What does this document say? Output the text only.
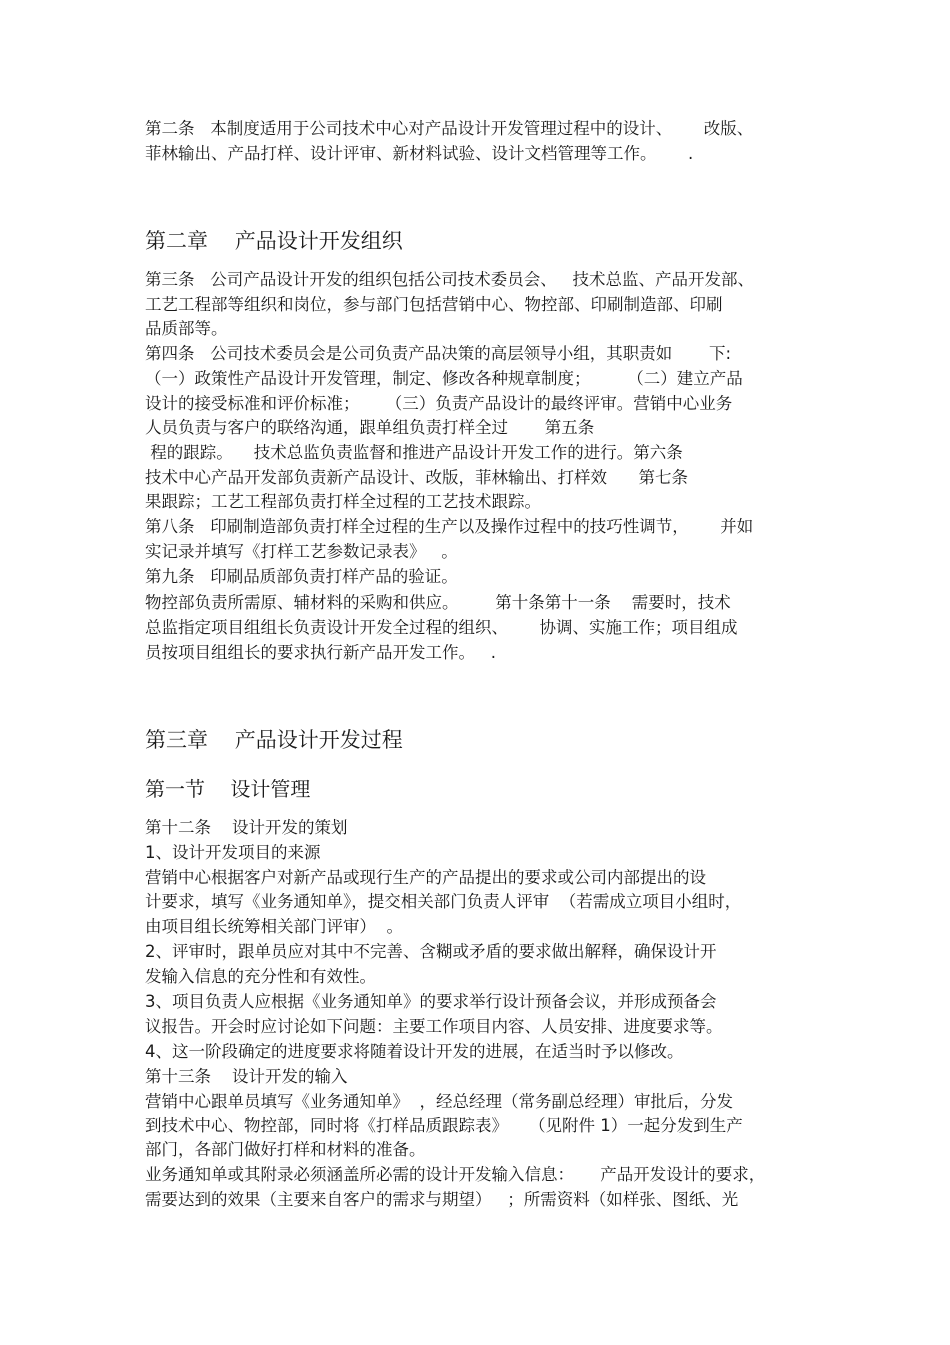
第二条   本制度适用于公司技术中心对产品设计开发管理过程中的设计、      改版、
菲林输出、产品打样、设计评审、新材料试验、设计文档管理等工作。      .
第二章    产品设计开发组织
第三条   公司产品设计开发的组织包括公司技术委员会、   技术总监、产品开发部、
工艺工程部等组织和岗位，参与部门包括营销中心、物控部、印刷制造部、印刷
品质部等。
第四条   公司技术委员会是公司负责产品决策的高层领导小组，其职责如       下:
（一）政策性产品设计开发管理，制定、修改各种规章制度；       （二）建立产品
设计的接受标准和评价标准；     （三）负责产品设计的最终评审。营销中心业务
人员负责与客户的联络沟通，跟单组负责打样全过       第五条
程的跟踪。    技术总监负责监督和推进产品设计开发工作的进行。第六条
技术中心产品开发部负责新产品设计、改版，菲林输出、打样效      第七条
果跟踪；工艺工程部负责打样全过程的工艺技术跟踪。
第八条   印刷制造部负责打样全过程的生产以及操作过程中的技巧性调节，      并如
实记录并填写《打样工艺参数记录表》   。
第九条   印刷品质部负责打样产品的验证。
物控部负责所需原、辅材料的采购和供应。       第十条第十一条    需要时，技术
总监指定项目组组长负责设计开发全过程的组织、      协调、实施工作；项目组成
员按项目组组长的要求执行新产品开发工作。   .
第三章    产品设计开发过程
第一节    设计管理
第十二条    设计开发的策划
1、设计开发项目的来源
营销中心根据客户对新产品或现行生产的产品提出的要求或公司内部提出的设
计要求，填写《业务通知单》，提交相关部门负责人评审  （若需成立项目小组时，
由项目组长统筹相关部门评审）  。
2、评审时，跟单员应对其中不完善、含糊或矛盾的要求做出解释，确保设计开
发输入信息的充分性和有效性。
3、项目负责人应根据《业务通知单》的要求举行设计预备会议，并形成预备会
议报告。开会时应讨论如下问题：主要工作项目内容、人员安排、进度要求等。
4、这一阶段确定的进度要求将随着设计开发的进展，在适当时予以修改。
第十三条    设计开发的输入
营销中心跟单员填写《业务通知单》  ，经总经理（常务副总经理）审批后，分发
到技术中心、物控部，同时将《打样品质跟踪表》    （见附件 1）一起分发到生产
部门，各部门做好打样和材料的准备。
业务通知单或其附录必须涵盖所必需的设计开发输入信息：     产品开发设计的要求，
需要达到的效果（主要来自客户的需求与期望）   ；所需资料（如样张、图纸、光
